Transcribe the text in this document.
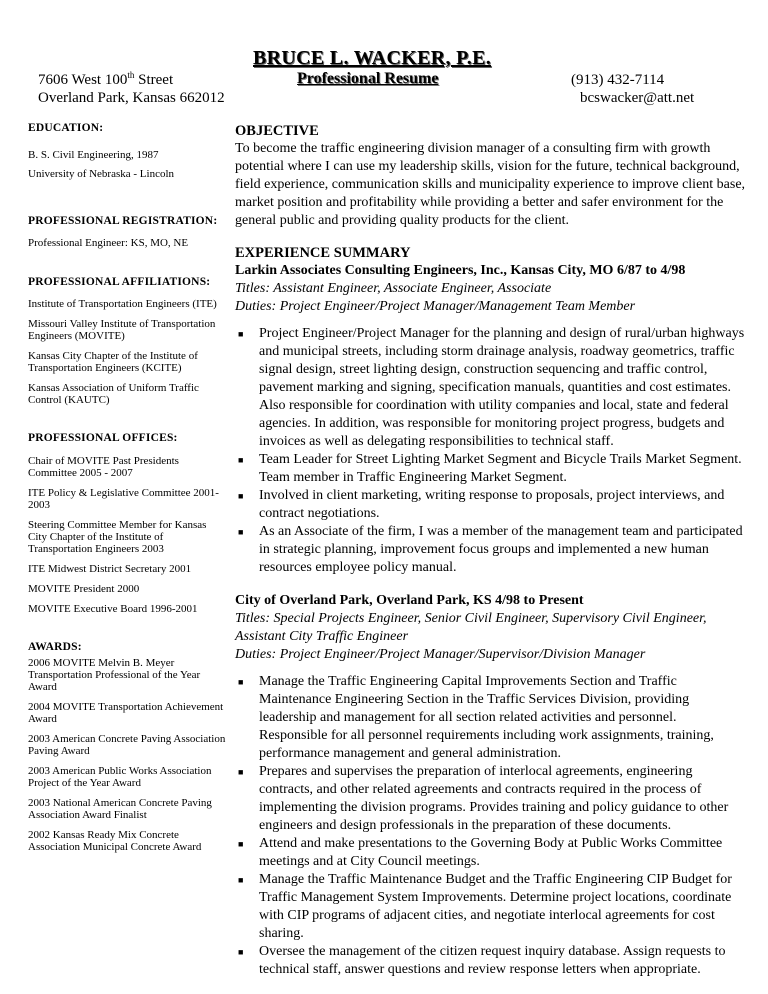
BRUCE L. WACKER, P.E.
Professional Resume
7606 West 100th Street
Overland Park, Kansas 662012
(913) 432-7114
bcswacker@att.net
EDUCATION:
B. S. Civil Engineering, 1987
University of Nebraska - Lincoln
PROFESSIONAL REGISTRATION:
Professional Engineer: KS, MO, NE
PROFESSIONAL AFFILIATIONS:
Institute of Transportation Engineers (ITE)
Missouri Valley Institute of Transportation Engineers (MOVITE)
Kansas City Chapter of the Institute of Transportation Engineers (KCITE)
Kansas Association of Uniform Traffic Control (KAUTC)
PROFESSIONAL OFFICES:
Chair of MOVITE Past Presidents Committee 2005 - 2007
ITE Policy & Legislative Committee 2001- 2003
Steering Committee Member for Kansas City Chapter of the Institute of Transportation Engineers 2003
ITE Midwest District Secretary 2001
MOVITE President 2000
MOVITE Executive Board 1996-2001
AWARDS:
2006 MOVITE Melvin B. Meyer Transportation Professional of the Year Award
2004 MOVITE Transportation Achievement Award
2003 American Concrete Paving Association Paving Award
2003 American Public Works Association Project of the Year Award
2003 National American Concrete Paving Association Award Finalist
2002 Kansas Ready Mix Concrete Association Municipal Concrete Award
OBJECTIVE
To become the traffic engineering division manager of a consulting firm with growth potential where I can use my leadership skills, vision for the future, technical background, field experience, communication skills and municipality experience to improve client base, market position and profitability while providing a better and safer environment for the general public and providing quality products for the client.
EXPERIENCE SUMMARY
Larkin Associates Consulting Engineers, Inc., Kansas City, MO 6/87 to 4/98
Titles: Assistant Engineer, Associate Engineer, Associate
Duties: Project Engineer/Project Manager/Management Team Member
■ Project Engineer/Project Manager for the planning and design of rural/urban highways and municipal streets, including storm drainage analysis, roadway geometrics, traffic signal design, street lighting design, construction sequencing and traffic control, pavement marking and signing, specification manuals, quantities and cost estimates. Also responsible for coordination with utility companies and local, state and federal agencies. In addition, was responsible for monitoring project progress, budgets and invoices as well as delegating responsibilities to technical staff.
■ Team Leader for Street Lighting Market Segment and Bicycle Trails Market Segment. Team member in Traffic Engineering Market Segment.
■ Involved in client marketing, writing response to proposals, project interviews, and contract negotiations.
■ As an Associate of the firm, I was a member of the management team and participated in strategic planning, improvement focus groups and implemented a new human resources employee policy manual.
City of Overland Park, Overland Park, KS 4/98 to Present
Titles: Special Projects Engineer, Senior Civil Engineer, Supervisory Civil Engineer, Assistant City Traffic Engineer
Duties: Project Engineer/Project Manager/Supervisor/Division Manager
■ Manage the Traffic Engineering Capital Improvements Section and Traffic Maintenance Engineering Section in the Traffic Services Division, providing leadership and management for all section related activities and personnel. Responsible for all personnel requirements including work assignments, training, performance management and general administration.
■ Prepares and supervises the preparation of interlocal agreements, engineering contracts, and other related agreements and contracts required in the process of implementing the division programs. Provides training and policy guidance to other engineers and design professionals in the preparation of these documents.
■ Attend and make presentations to the Governing Body at Public Works Committee meetings and at City Council meetings.
■ Manage the Traffic Maintenance Budget and the Traffic Engineering CIP Budget for Traffic Management System Improvements. Determine project locations, coordinate with CIP programs of adjacent cities, and negotiate interlocal agreements for cost sharing.
■ Oversee the management of the citizen request inquiry database. Assign requests to technical staff, answer questions and review response letters when appropriate.
